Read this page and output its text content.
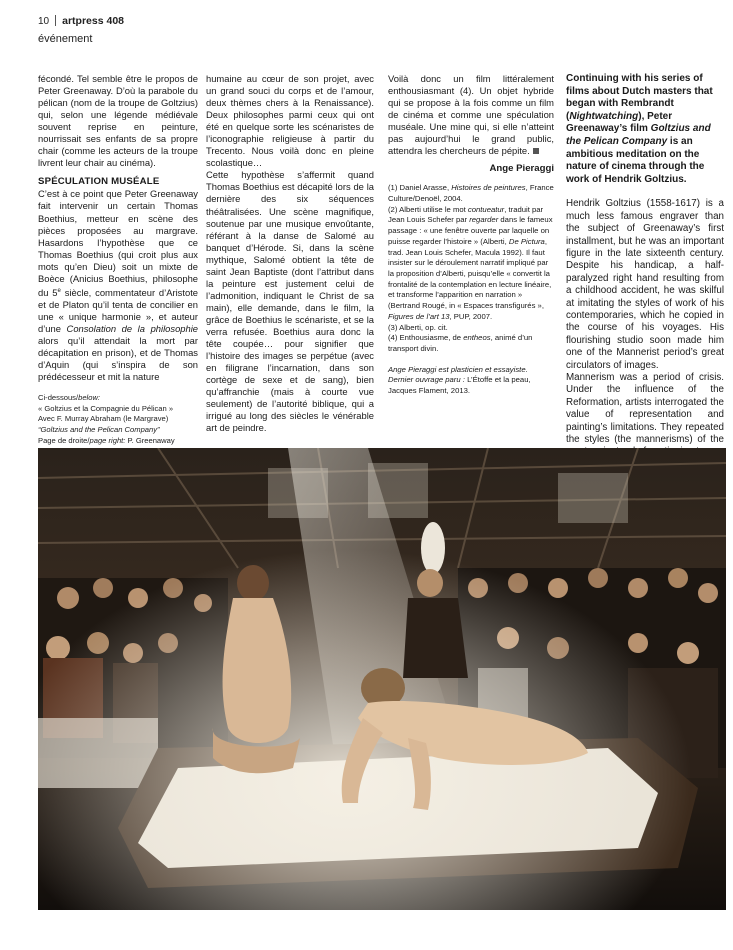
10 artpress 408
événement

fécondé. Tel semble être le propos de Peter Greenaway. D’où la parabole du pélican (nom de la troupe de Goltzius) qui, selon une légende médiévale souvent reprise en peinture, nourrissait ses enfants de sa propre chair (comme les acteurs de la troupe livrent leur chair au cinéma).

SPÉCULATION MUSÉALE

C’est à ce point que Peter Greenaway fait intervenir un certain Thomas Boethius, metteur en scène des pièces proposées au margrave. Hasardons l’hypothèse que ce Thomas Boethius (qui croit plus aux mots qu’en Dieu) soit un mixte de Boèce (Anicius Boethius, philosophe du 5e siècle, commentateur d’Aristote et de Platon qu’il tenta de concilier en une « unique harmonie », et auteur d’une Consolation de la philosophie alors qu’il attendait la mort par décapitation en prison), et de Thomas d’Aquin (qui s’inspira de son prédécesseur et mit la nature

Ci-dessous/below:
« Goltzius et la Compagnie du Pélican »
Avec F. Murray Abraham (le Margrave)
“Goltzius and the Pelican Company”
Page de droite/page right: P. Greenaway

humaine au cœur de son projet, avec un grand souci du corps et de l’amour, deux thèmes chers à la Renaissance). Deux philosophes parmi ceux qui ont été en quelque sorte les scénaristes de l’iconographie religieuse à partir du Trecento. Nous voilà donc en pleine scolastique…

Cette hypothèse s’affermit quand Thomas Boethius est décapité lors de la dernière des six séquences théâtralisées. Une scène magnifique, soutenue par une musique envoûtante, référant à la danse de Salomé au banquet d’Hérode. Si, dans la scène mythique, Salomé obtient la tête de saint Jean Baptiste (dont l’attribut dans la peinture est justement celui de l’admonition, indiquant le Christ de sa main), elle demande, dans le film, la grâce de Boethius le scénariste, et se la verra refusée. Boethius aura donc la tête coupée… pour signifier que l’histoire des images se perpétue (avec en filigrane l’incarnation, dans son cortège de sexe et de sang), bien qu’affranchie (mais à courte vue seulement) de l’autorité biblique, qui a irrigué au long des siècles le vénérable art de peindre.

Voilà donc un film littéralement enthousiasmant (4). Un objet hybride qui se propose à la fois comme un film de cinéma et comme une spéculation muséale. Une mine qui, si elle n’atteint pas aujourd’hui le grand public, attendra les chercheurs de pépite.

Ange Pieraggi

(1) Daniel Arasse, Histoires de peintures, France Culture/Denoël, 2004.

(2) Alberti utilise le mot contueatur, traduit par Jean Louis Schefer par regarder dans le fameux passage : « une fenêtre ouverte par laquelle on puisse regarder l’histoire » (Alberti, De Pictura, trad. Jean Louis Schefer, Macula 1992). Il faut insister sur le déroulement narratif impliqué par la proposition d’Alberti, puisqu’elle « convertit la frontalité de la contemplation en lecture linéaire, et transforme l’apparition en narration » (Bertrand Rougé, in « Espaces transfigurés », Figures de l’art 13, PUP, 2007.

(3) Alberti, op. cit.

(4) Enthousiasme, de entheos, animé d’un transport divin.

Ange Pieraggi est plasticien et essayiste.
Dernier ouvrage paru : L’Étoffe et la peau,
Jacques Flament, 2013.

Continuing with his series of films about Dutch masters that began with Rembrandt (Nightwatching), Peter Greenaway’s film Goltzius and the Pelican Company is an ambitious meditation on the nature of cinema through the work of Hendrik Goltzius.

Hendrik Goltzius (1558-1617) is a much less famous engraver than the subject of Greenaway’s first installment, but he was an important figure in the late sixteenth century. Despite his handicap, a half-paralyzed right hand resulting from a childhood accident, he was skilful at imitating the styles of work of his contemporaries, which he copied in the course of his voyages. His flourishing studio soon made him one of the Mannerist period’s great circulators of images.

Mannerism was a period of crisis. Under the influence of the Reformation, artists interrogated the value of representation and painting’s limitations. They repeated the styles (the mannerisms) of the
